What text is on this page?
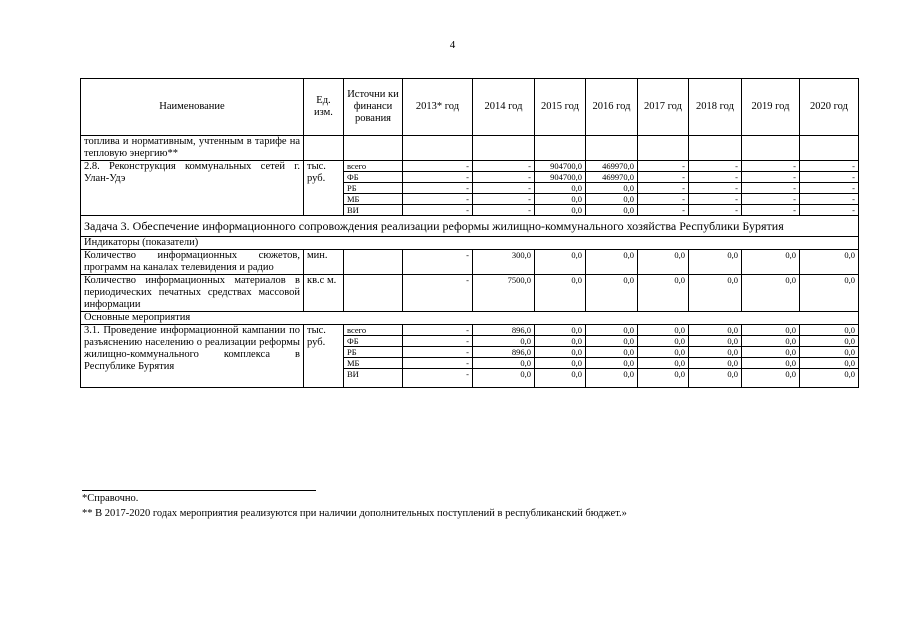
4
Наименование	Ед. изм.	Источни ки финанси рования	2013* год	2014 год	2015 год	2016 год	2017 год	2018 год	2019 год	2020 год
топлива и нормативным, учтенным в тарифе на тепловую энергию**										
2.8. Реконструкция коммунальных сетей г. Улан-Удэ	тыс. руб.	всего	-	-	904700,0	469970,0	-	-	-	-
		ФБ	-	-	904700,0	469970,0	-	-	-	-
		РБ	-	-	0,0	0,0	-	-	-	-
		МБ	-	-	0,0	0,0	-	-	-	-
		ВИ	-	-	0,0	0,0	-	-	-	-
Задача 3. Обеспечение информационного сопровождения реализации реформы жилищно-коммунального хозяйства Республики Бурятия										
Индикаторы (показатели)										
Количество информационных сюжетов, программ на каналах телевидения и радио	мин.		-	300,0	0,0	0,0	0,0	0,0	0,0	0,0
Количество информационных материалов в периодических печатных средствах массовой информации	кв.с м.		-	7500,0	0,0	0,0	0,0	0,0	0,0	0,0
Основные мероприятия										
3.1. Проведение информационной кампании по разъяснению населению о реализации реформы жилищно-коммунального комплекса в Республике Бурятия	тыс. руб.	всего	-	896,0	0,0	0,0	0,0	0,0	0,0	0,0
		ФБ	-	0,0	0,0	0,0	0,0	0,0	0,0	0,0
		РБ	-	896,0	0,0	0,0	0,0	0,0	0,0	0,0
		МБ	-	0,0	0,0	0,0	0,0	0,0	0,0	0,0
		ВИ	-	0,0	0,0	0,0	0,0	0,0	0,0	0,0
*Справочно.
** В 2017-2020 годах мероприятия реализуются при наличии дополнительных поступлений в республиканский бюджет.»
